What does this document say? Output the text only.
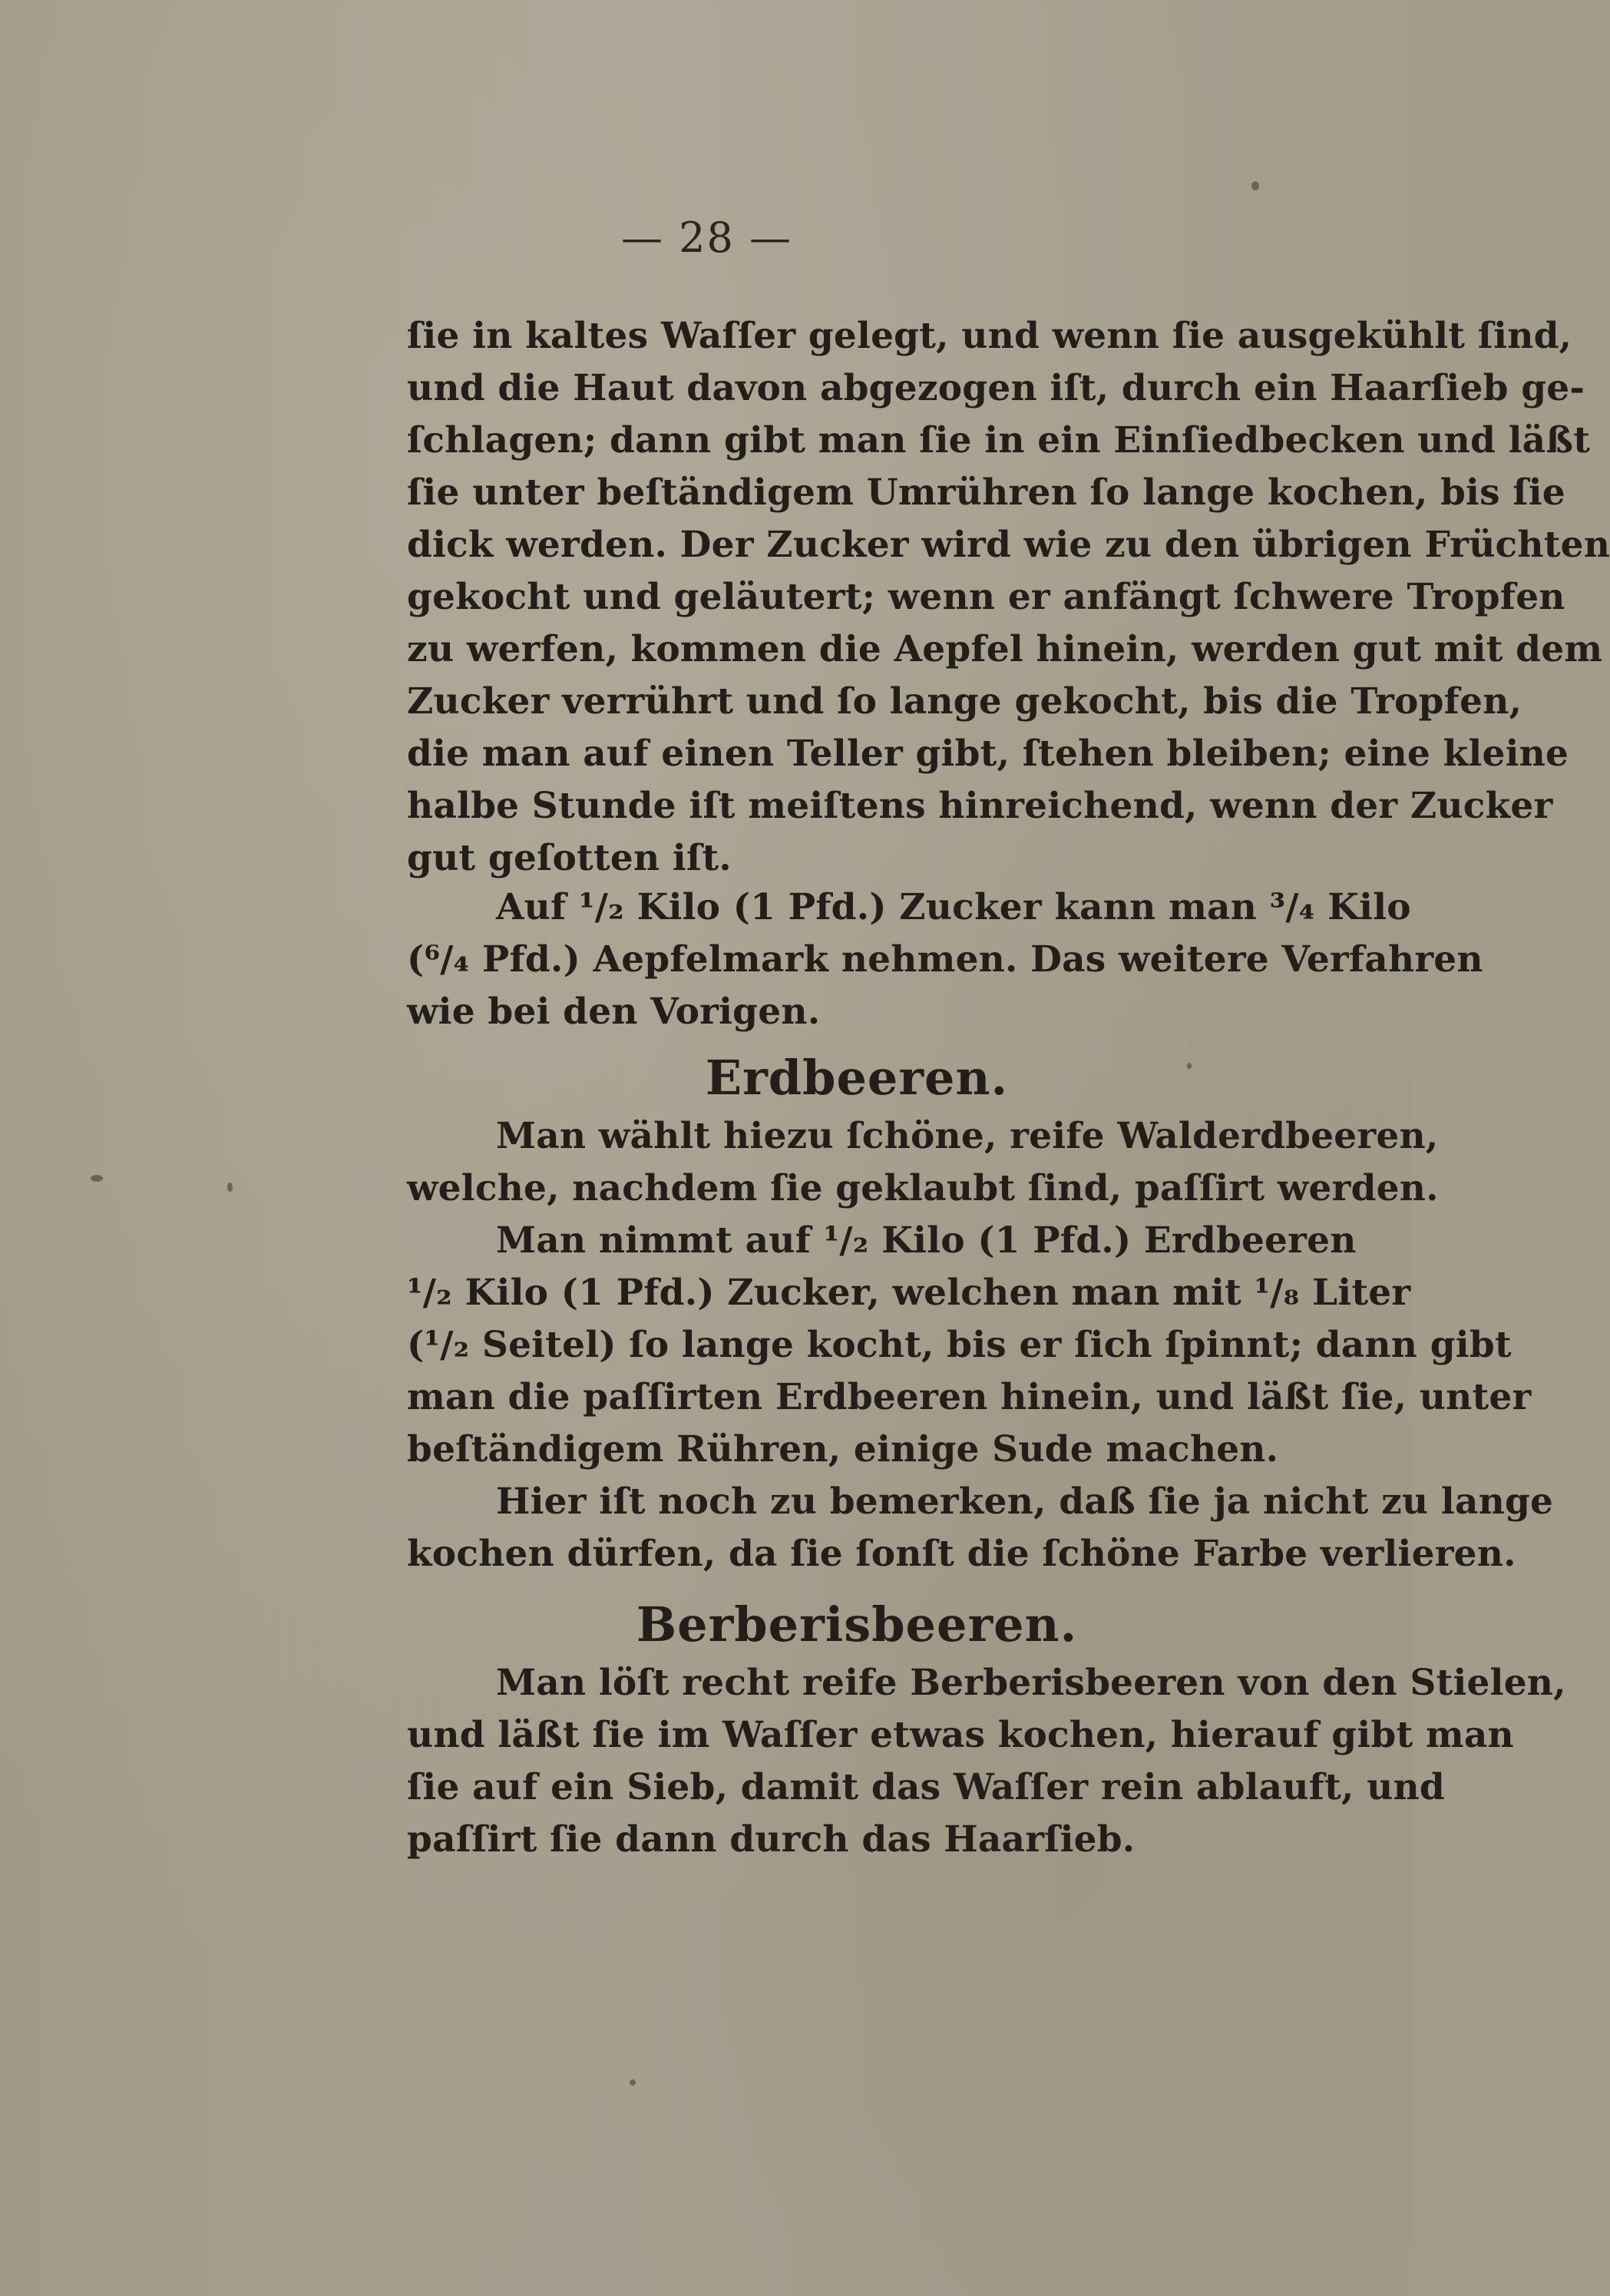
— 28 —
ſie in kaltes Waſſer gelegt, und wenn ſie ausgekühlt ſind,
und die Haut davon abgezogen iſt, durch ein Haarſieb ge-
ſchlagen; dann gibt man ſie in ein Einſiedbecken und läßt
ſie unter beſtändigem Umrühren ſo lange kochen, bis ſie
dick werden. Der Zucker wird wie zu den übrigen Früchten
gekocht und geläutert; wenn er anfängt ſchwere Tropfen
zu werfen, kommen die Aepfel hinein, werden gut mit dem
Zucker verrührt und ſo lange gekocht, bis die Tropfen,
die man auf einen Teller gibt, ſtehen bleiben; eine kleine
halbe Stunde iſt meiſtens hinreichend, wenn der Zucker
gut geſotten iſt.
Auf ¹/₂ Kilo (1 Pfd.) Zucker kann man ³/₄ Kilo
(⁶/₄ Pfd.) Aepfelmark nehmen. Das weitere Verfahren
wie bei den Vorigen.
Erdbeeren.
Man wählt hiezu ſchöne, reife Walderdbeeren,
welche, nachdem ſie geklaubt ſind, paſſirt werden.
Man nimmt auf ¹/₂ Kilo (1 Pfd.) Erdbeeren
¹/₂ Kilo (1 Pfd.) Zucker, welchen man mit ¹/₈ Liter
(¹/₂ Seitel) ſo lange kocht, bis er ſich ſpinnt; dann gibt
man die paſſirten Erdbeeren hinein, und läßt ſie, unter
beſtändigem Rühren, einige Sude machen.
Hier iſt noch zu bemerken, daß ſie ja nicht zu lange
kochen dürfen, da ſie ſonſt die ſchöne Farbe verlieren.
Berberisbeeren.
Man löſt recht reife Berberisbeeren von den Stielen,
und läßt ſie im Waſſer etwas kochen, hierauf gibt man
ſie auf ein Sieb, damit das Waſſer rein ablauft, und
paſſirt ſie dann durch das Haarſieb.
